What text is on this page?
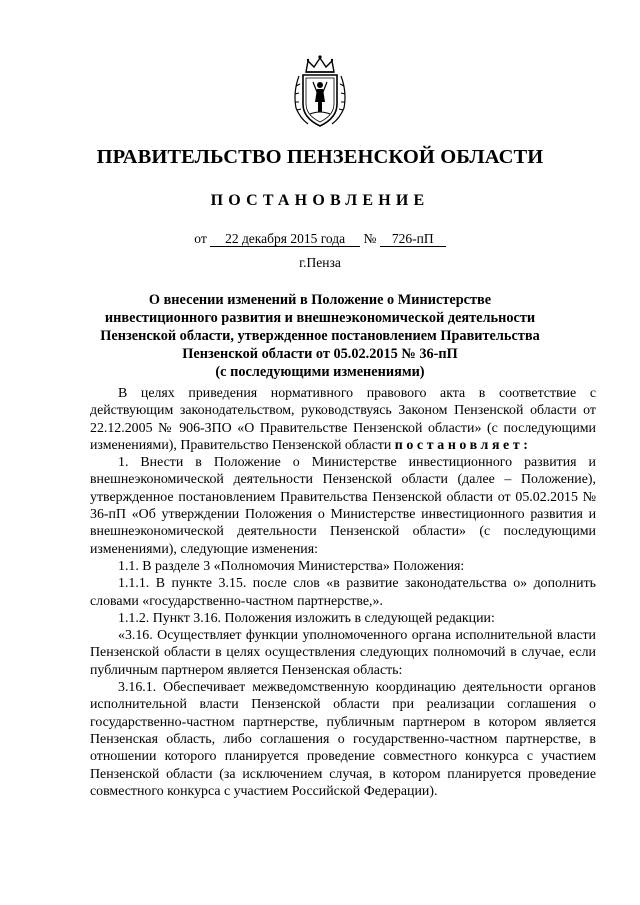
ПРАВИТЕЛЬСТВО ПЕНЗЕНСКОЙ ОБЛАСТИ
ПОСТАНОВЛЕНИЕ
от 22 декабря 2015 года № 726-пП
г.Пенза
О внесении изменений в Положение о Министерстве
инвестиционного развития и внешнеэкономической деятельности
Пензенской области, утвержденное постановлением Правительства
Пензенской области от 05.02.2015 № 36-пП
(с последующими изменениями)

В целях приведения нормативного правового акта в соответствие с действующим законодательством, руководствуясь Законом Пензенской области от 22.12.2005 № 906-ЗПО «О Правительстве Пензенской области» (с последующими изменениями), Правительство Пензенской области постановляет:

1. Внести в Положение о Министерстве инвестиционного развития и внешнеэкономической деятельности Пензенской области (далее – Положение), утвержденное постановлением Правительства Пензенской области от 05.02.2015 № 36-пП «Об утверждении Положения о Министерстве инвестиционного развития и внешнеэкономической деятельности Пензенской области» (с последующими изменениями), следующие изменения:

1.1. В разделе 3 «Полномочия Министерства» Положения:

1.1.1. В пункте 3.15. после слов «в развитие законодательства о» дополнить словами «государственно-частном партнерстве,».

1.1.2. Пункт 3.16. Положения изложить в следующей редакции:

«3.16. Осуществляет функции уполномоченного органа исполнительной власти Пензенской области в целях осуществления следующих полномочий в случае, если публичным партнером является Пензенская область:

3.16.1. Обеспечивает межведомственную координацию деятельности органов исполнительной власти Пензенской области при реализации соглашения о государственно-частном партнерстве, публичным партнером в котором является Пензенская область, либо соглашения о государственно-частном партнерстве, в отношении которого планируется проведение совместного конкурса с участием Пензенской области (за исключением случая, в котором планируется проведение совместного конкурса с участием Российской Федерации).
